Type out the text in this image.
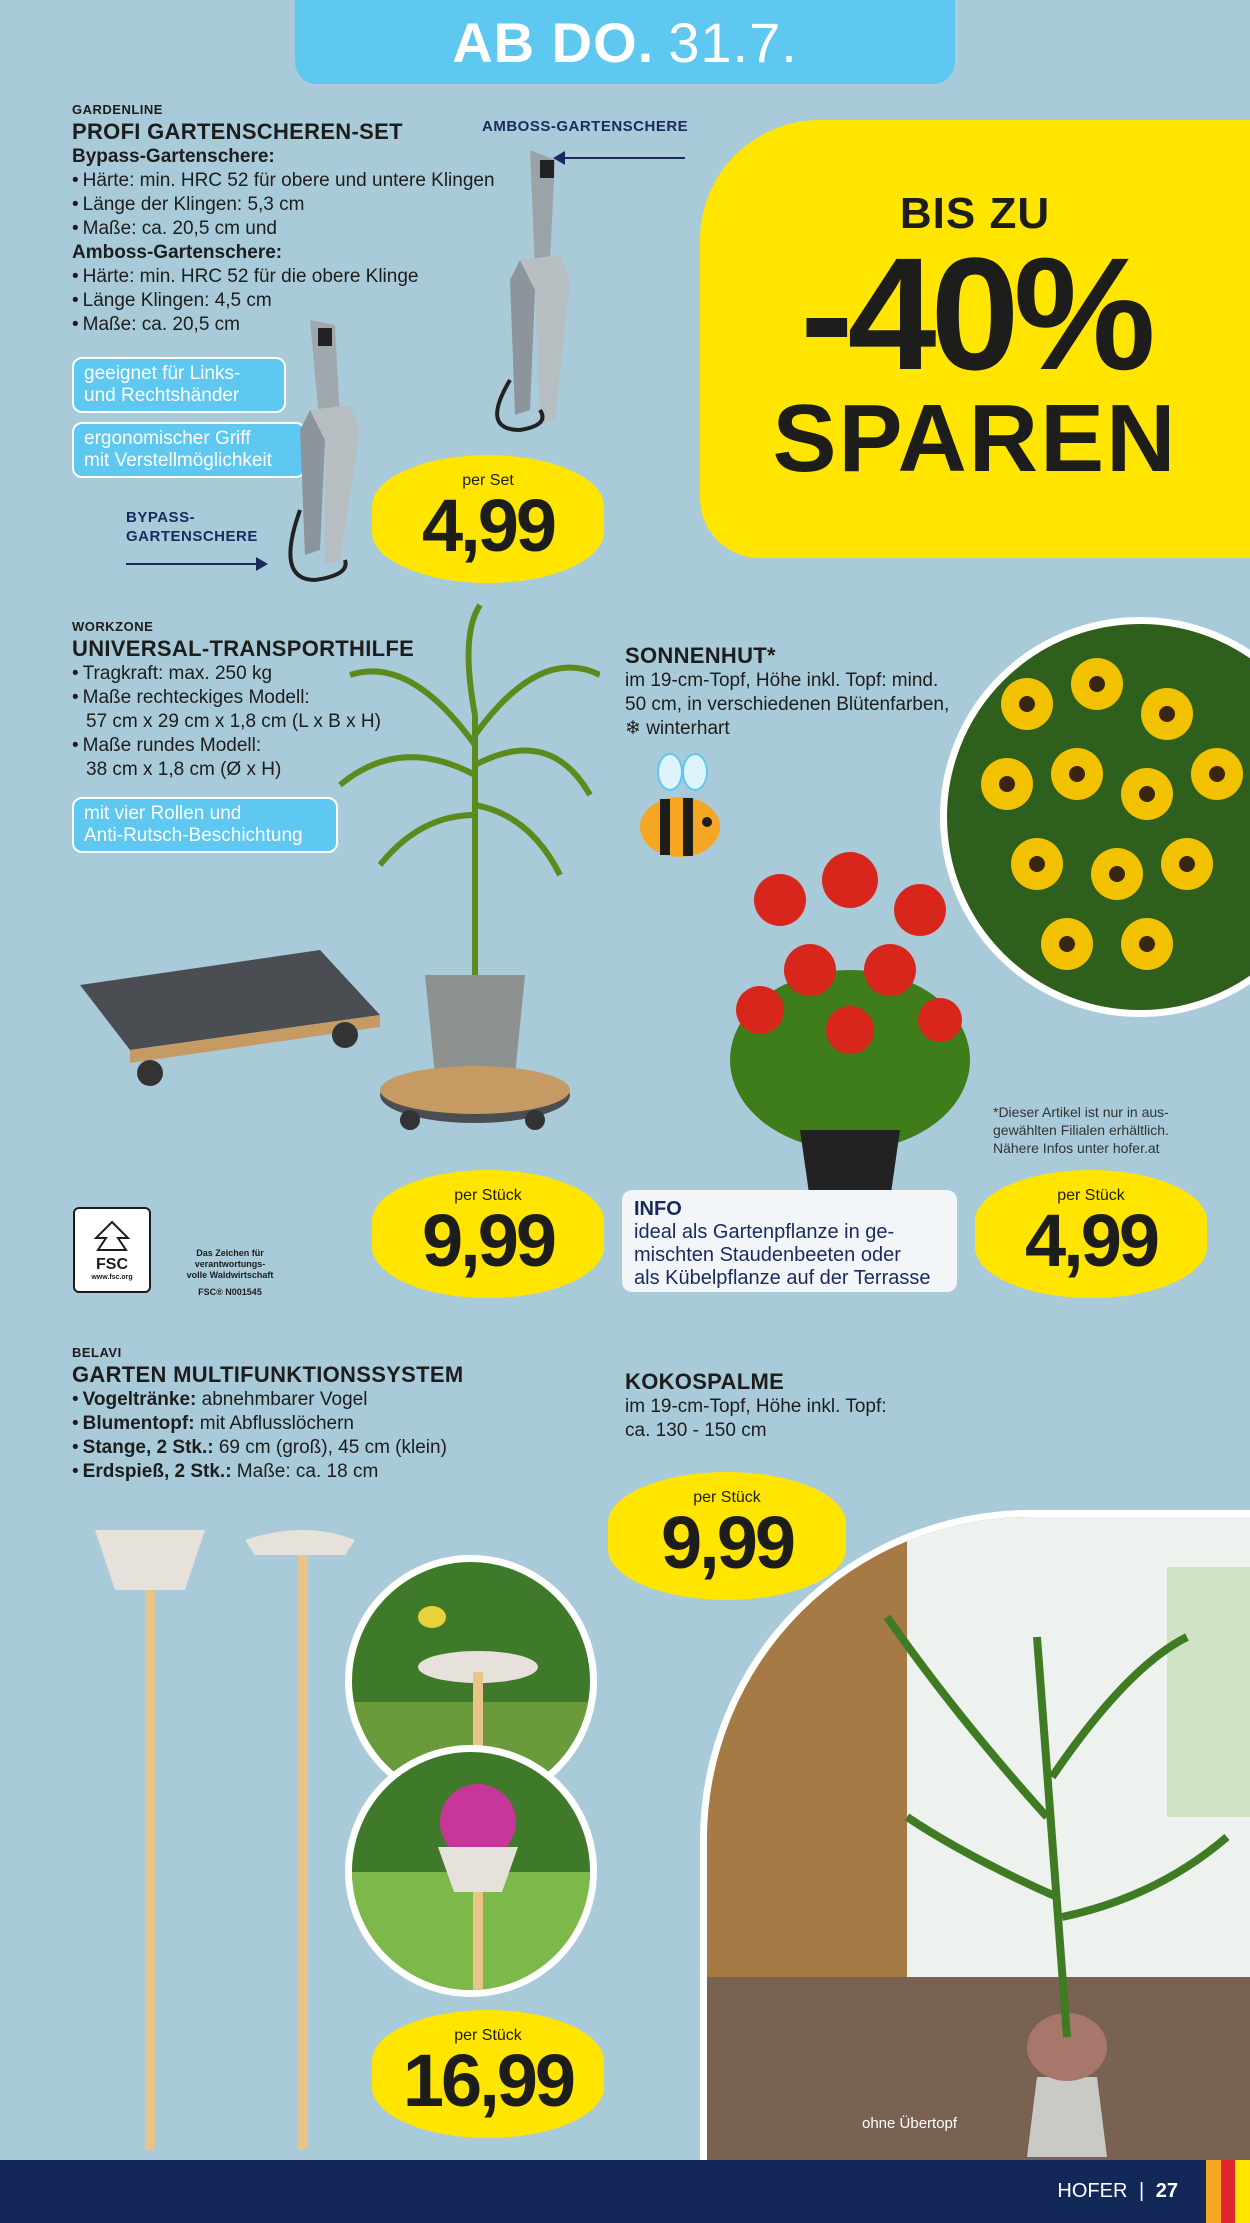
AB DO. 31.7.
BIS ZU
-40%
SPAREN
GARDENLINE
PROFI GARTENSCHEREN-SET
Bypass-Gartenschere:
• Härte: min. HRC 52 für obere und untere Klingen
• Länge der Klingen: 5,3 cm
• Maße: ca. 20,5 cm und
Amboss-Gartenschere:
• Härte: min. HRC 52 für die obere Klinge
• Länge Klingen: 4,5 cm
• Maße: ca. 20,5 cm
geeignet für Links-
und Rechtshänder
ergonomischer Griff
mit Verstellmöglichkeit
AMBOSS-GARTENSCHERE
BYPASS-
GARTENSCHERE
per Set
4,99
WORKZONE
UNIVERSAL-TRANSPORTHILFE
• Tragkraft: max. 250 kg
• Maße rechteckiges Modell:
57 cm x 29 cm x 1,8 cm (L x B x H)
• Maße rundes Modell:
38 cm x 1,8 cm (Ø x H)
mit vier Rollen und
Anti-Rutsch-Beschichtung
per Stück
9,99
FSC
www.fsc.org
Das Zeichen für verantwortungs-
volle Waldwirtschaft
FSC® N001545
SONNENHUT*
im 19-cm-Topf, Höhe inkl. Topf: mind.
50 cm, in verschiedenen Blütenfarben,
❄ winterhart
*Dieser Artikel ist nur in aus-
gewählten Filialen erhältlich.
Nähere Infos unter hofer.at
INFO
ideal als Gartenpflanze in ge-
mischten Staudenbeeten oder
als Kübelpflanze auf der Terrasse
per Stück
4,99
BELAVI
GARTEN MULTIFUNKTIONSSYSTEM
• Vogeltränke: abnehmbarer Vogel
• Blumentopf: mit Abflusslöchern
• Stange, 2 Stk.: 69 cm (groß), 45 cm (klein)
• Erdspieß, 2 Stk.: Maße: ca. 18 cm
per Stück
16,99
KOKOSPALME
im 19-cm-Topf, Höhe inkl. Topf:
ca. 130 - 150 cm
per Stück
9,99
ohne Übertopf
HOFER | 27
